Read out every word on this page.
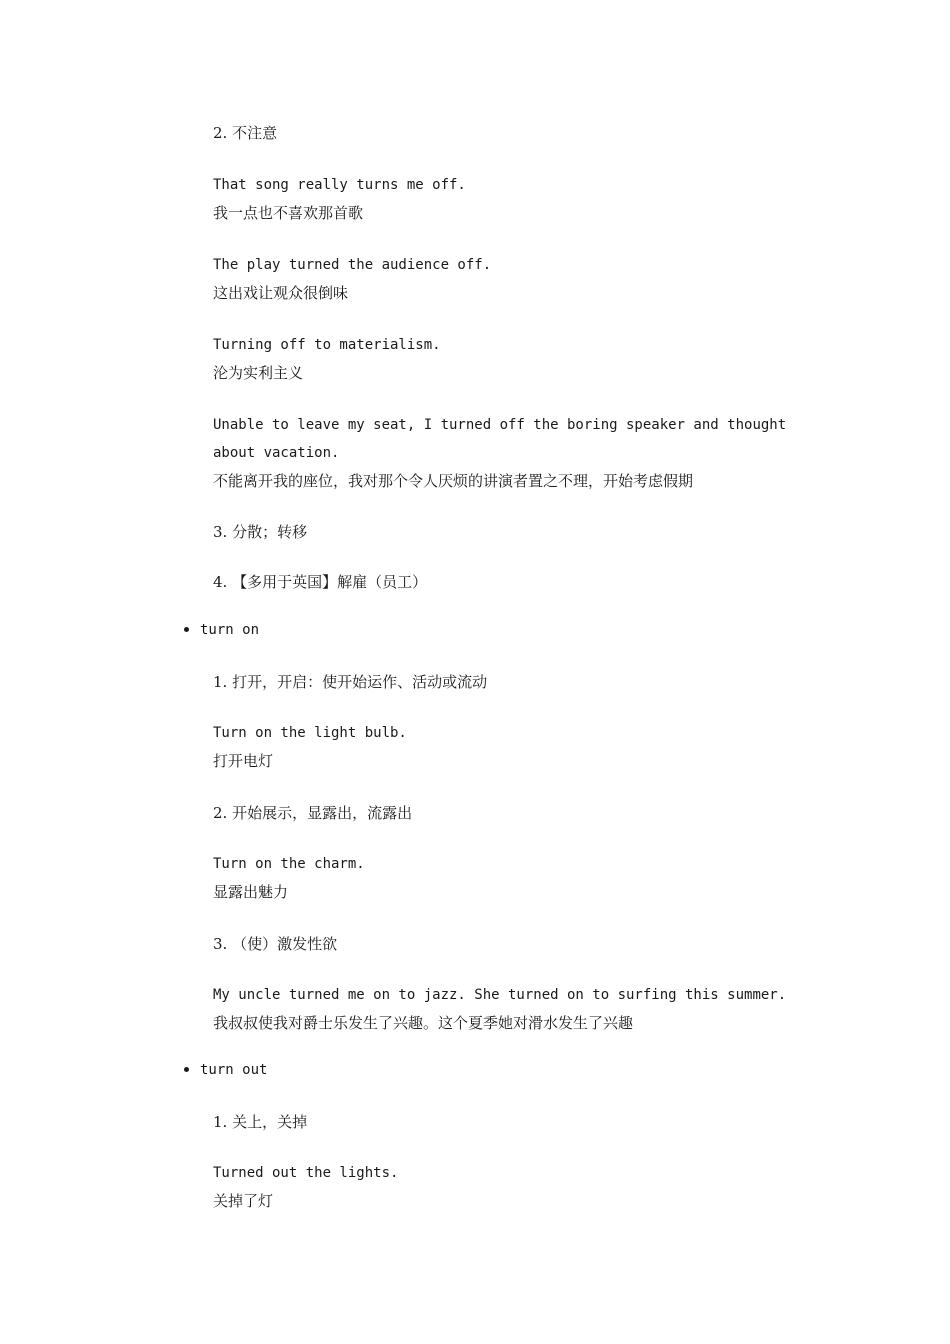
2. 不注意
That song really turns me off.
我一点也不喜欢那首歌
The play turned the audience off.
这出戏让观众很倒味
Turning off to materialism.
沦为实利主义
Unable to leave my seat, I turned off the boring speaker and thought about vacation.
不能离开我的座位，我对那个令人厌烦的讲演者置之不理，开始考虑假期
3. 分散；转移
4. 【多用于英国】解雇（员工）
turn on
1. 打开，开启：使开始运作、活动或流动
Turn on the light bulb.
打开电灯
2. 开始展示，显露出，流露出
Turn on the charm.
显露出魅力
3. （使）激发性欲
My uncle turned me on to jazz. She turned on to surfing this summer.
我叔叔使我对爵士乐发生了兴趣。这个夏季她对滑水发生了兴趣
turn out
1. 关上，关掉
Turned out the lights.
关掉了灯
